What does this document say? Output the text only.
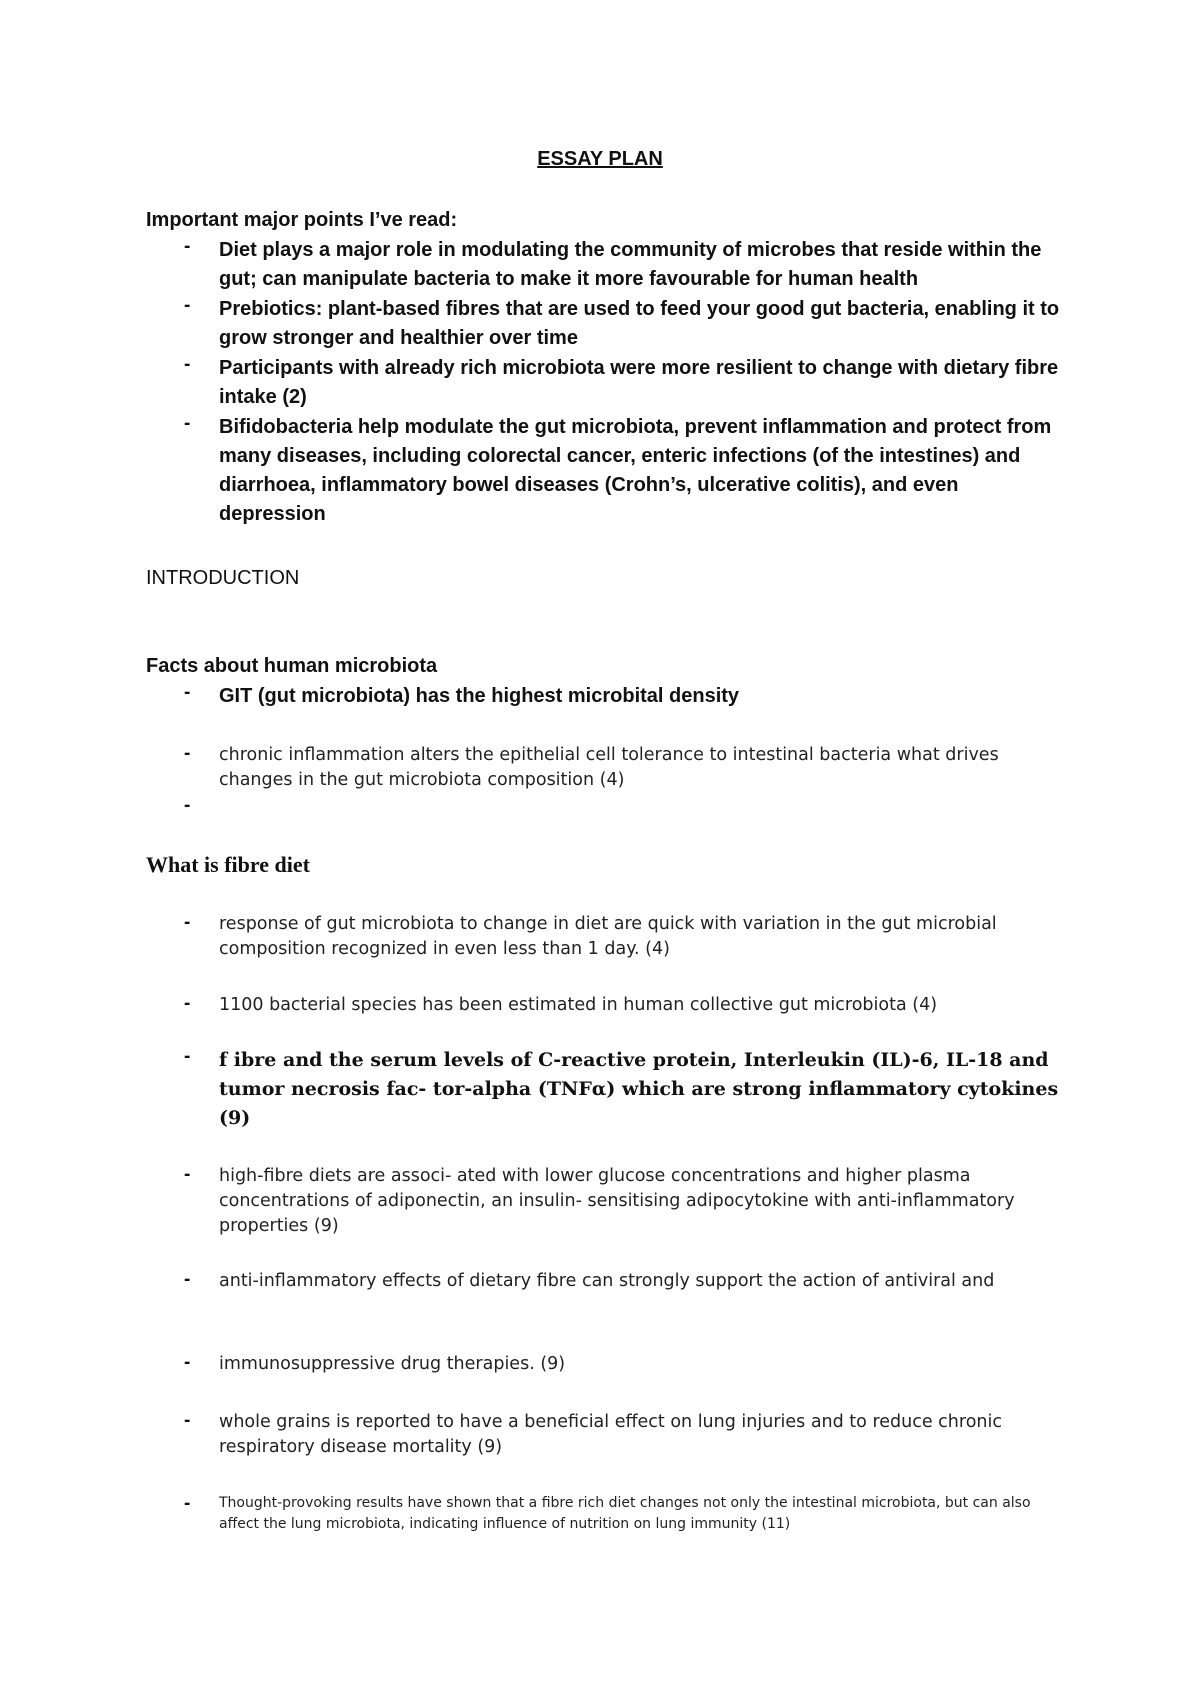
ESSAY PLAN
Important major points I’ve read:
- Diet plays a major role in modulating the community of microbes that reside within the gut; can manipulate bacteria to make it more favourable for human health
- Prebiotics: plant-based fibres that are used to feed your good gut bacteria, enabling it to grow stronger and healthier over time
- Participants with already rich microbiota were more resilient to change with dietary fibre intake (2)
- Bifidobacteria help modulate the gut microbiota, prevent inflammation and protect from many diseases, including colorectal cancer, enteric infections (of the intestines) and diarrhoea, inflammatory bowel diseases (Crohn’s, ulcerative colitis), and even depression
INTRODUCTION
Facts about human microbiota
- GIT (gut microbiota) has the highest microbital density
- chronic inflammation alters the epithelial cell tolerance to intestinal bacteria what drives changes in the gut microbiota composition (4)
-
What is fibre diet
- response of gut microbiota to change in diet are quick with variation in the gut microbial composition recognized in even less than 1 day. (4)
- 1100 bacterial species has been estimated in human collective gut microbiota (4)
- f ibre and the serum levels of C-reactive protein, Interleukin (IL)-6, IL-18 and tumor necrosis fac- tor-alpha (TNFα) which are strong inflammatory cytokines (9)
- high-fibre diets are associ- ated with lower glucose concentrations and higher plasma concentrations of adiponectin, an insulin- sensitising adipocytokine with anti-inflammatory properties (9)
- anti-inflammatory effects of dietary fibre can strongly support the action of antiviral and
- immunosuppressive drug therapies. (9)
- whole grains is reported to have a beneficial effect on lung injuries and to reduce chronic respiratory disease mortality (9)
- Thought-provoking results have shown that a fibre rich diet changes not only the intestinal microbiota, but can also affect the lung microbiota, indicating influence of nutrition on lung immunity (11)
